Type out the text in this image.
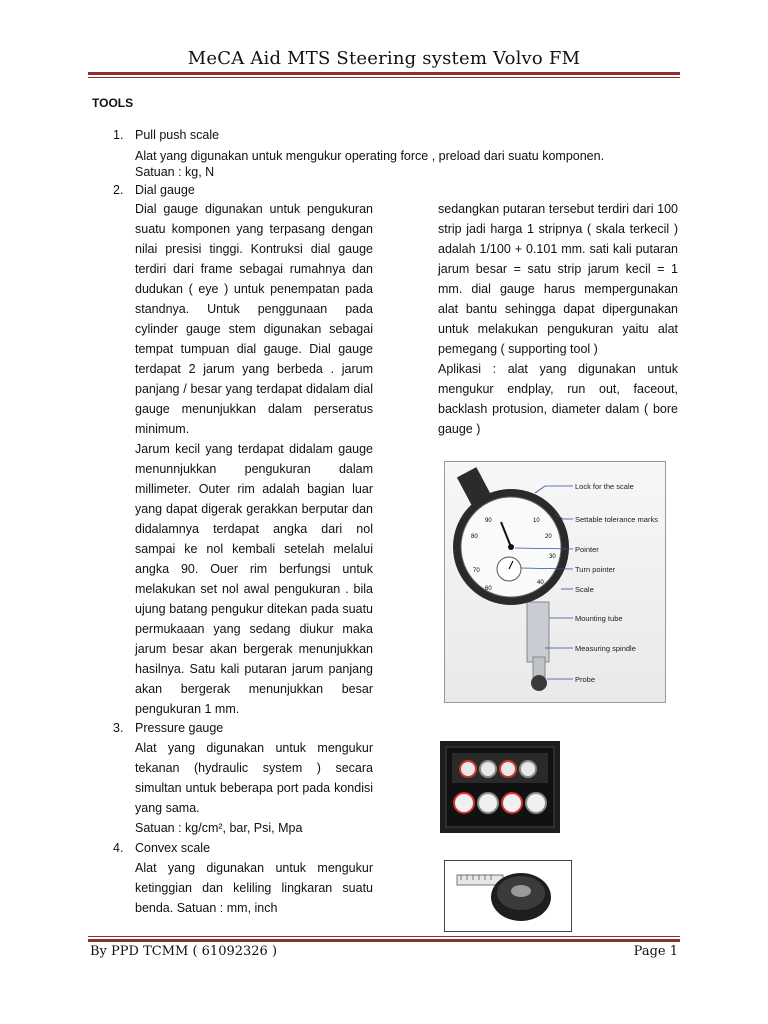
MeCA Aid MTS Steering system Volvo FM
TOOLS
1. Pull push scale
Alat yang digunakan untuk mengukur operating force , preload dari suatu komponen.
Satuan : kg, N
2. Dial gauge

Dial gauge digunakan untuk pengukuran suatu komponen yang terpasang dengan nilai presisi tinggi. Kontruksi dial gauge terdiri dari frame sebagai rumahnya dan dudukan ( eye ) untuk penempatan pada standnya. Untuk penggunaan pada cylinder gauge stem digunakan sebagai tempat tumpuan dial gauge. Dial gauge terdapat 2 jarum yang berbeda . jarum panjang / besar yang terdapat didalam dial gauge menunjukkan dalam perseratus minimum.

Jarum kecil yang terdapat didalam gauge menunnjukkan pengukuran dalam millimeter. Outer rim adalah bagian luar yang dapat digerak gerakkan berputar dan didalamnya terdapat angka dari nol sampai ke nol kembali setelah melalui angka 90. Ouer rim berfungsi untuk melakukan set nol awal pengukuran . bila ujung batang pengukur ditekan pada suatu permukaaan yang sedang diukur maka jarum besar akan bergerak menunjukkan hasilnya. Satu kali putaran jarum panjang akan bergerak menunjukkan besar pengukuran 1 mm.

sedangkan putaran tersebut terdiri dari 100 strip jadi harga 1 stripnya ( skala terkecil ) adalah 1/100 + 0.101 mm. sati kali putaran jarum besar = satu strip jarum kecil = 1 mm. dial gauge harus mempergunakan alat bantu sehingga dapat dipergunakan untuk melakukan pengukuran yaitu alat pemegang ( supporting tool )

Aplikasi : alat yang digunakan untuk mengukur endplay, run out, faceout, backlash protusion, diameter dalam ( bore gauge )

90	10
80	20
30
70
60
40
Lock for the scale
Settable tolerance marks
Pointer
Turn pointer
Scale
Mounting tube
Measuring spindle
Probe
3. Pressure gauge

Alat yang digunakan untuk mengukur tekanan (hydraulic system ) secara simultan untuk beberapa port pada kondisi yang sama.

Satuan : kg/cm², bar, Psi, Mpa

4. Convex scale

Alat yang digunakan untuk mengukur ketinggian dan keliling lingkaran suatu benda. Satuan : mm, inch

By PPD TCMM ( 61092326 )	Page 1
